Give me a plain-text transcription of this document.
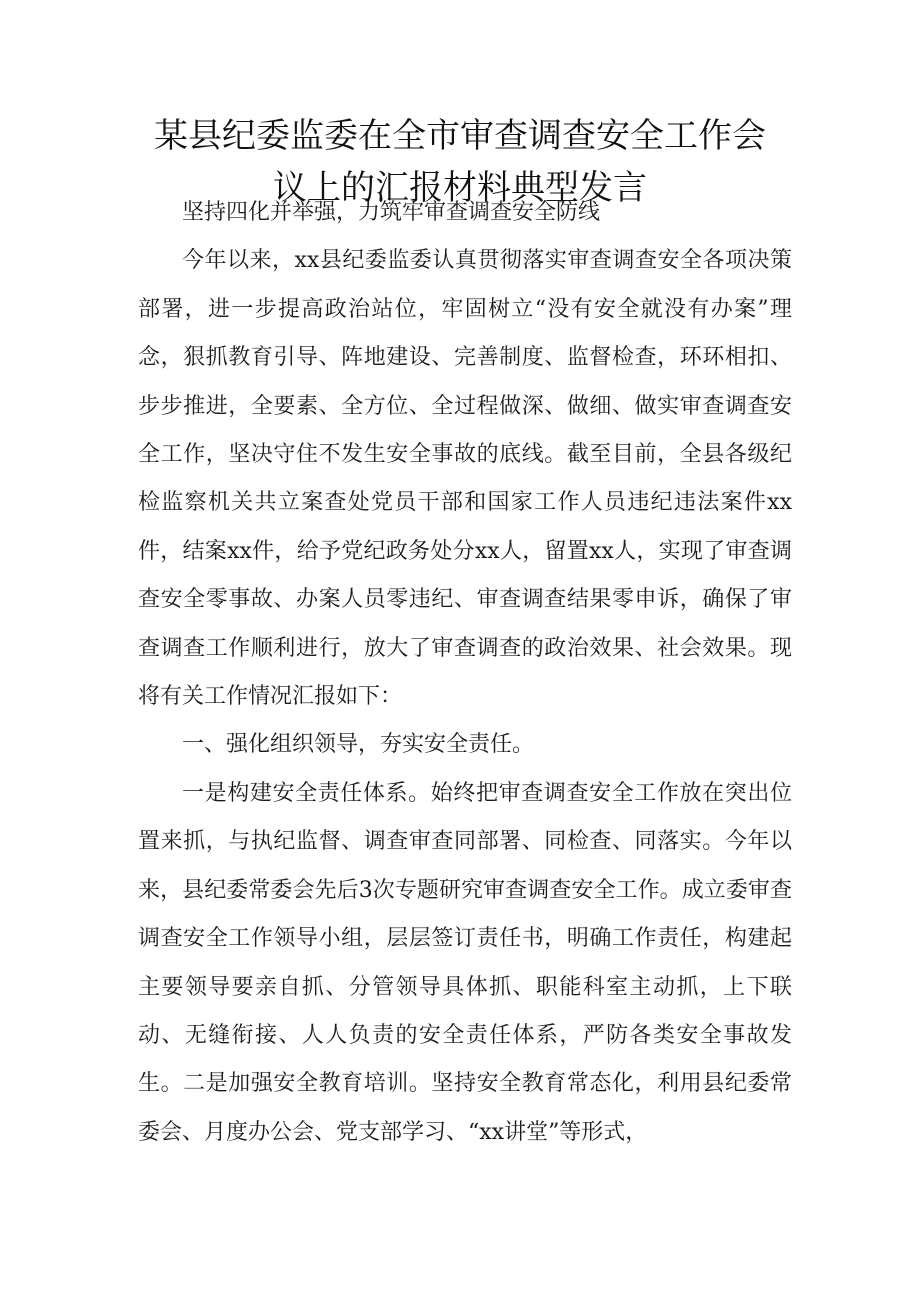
某县纪委监委在全市审查调查安全工作会
议上的汇报材料典型发言

坚持四化并举强，力筑牢审查调查安全防线

今年以来，xx县纪委监委认真贯彻落实审查调查安全各项决策部署，进一步提高政治站位，牢固树立“没有安全就没有办案”理念，狠抓教育引导、阵地建设、完善制度、监督检查，环环相扣、步步推进，全要素、全方位、全过程做深、做细、做实审查调查安全工作，坚决守住不发生安全事故的底线。截至目前，全县各级纪检监察机关共立案查处党员干部和国家工作人员违纪违法案件xx件，结案xx件，给予党纪政务处分xx人，留置xx人，实现了审查调查安全零事故、办案人员零违纪、审查调查结果零申诉，确保了审查调查工作顺利进行，放大了审查调查的政治效果、社会效果。现将有关工作情况汇报如下：

一、强化组织领导，夯实安全责任。

一是构建安全责任体系。始终把审查调查安全工作放在突出位置来抓，与执纪监督、调查审查同部署、同检查、同落实。今年以来，县纪委常委会先后3次专题研究审查调查安全工作。成立委审查调查安全工作领导小组，层层签订责任书，明确工作责任，构建起主要领导要亲自抓、分管领导具体抓、职能科室主动抓，上下联动、无缝衔接、人人负责的安全责任体系，严防各类安全事故发生。二是加强安全教育培训。坚持安全教育常态化，利用县纪委常委会、月度办公会、党支部学习、“xx讲堂”等形式，
